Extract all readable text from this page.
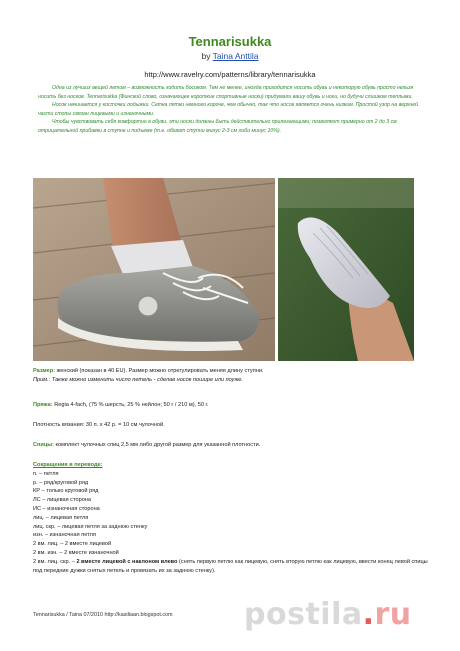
Tennarisukka
by Taina Anttila
http://www.ravelry.com/patterns/library/tennarisukka

Одна из лучших вещей летом – возможность ходить босиком. Тем не менее, иногда приходится носить обувь и некоторую обувь просто нельзя носить без носков. Tennarisukka (Финский слово, означающее короткие спортивные носки) придумали вашу обувь и ноги, но будучи слишком теплыми.

Носок начинается у косточки лодыжки. Сетка пятки немного короче, чем обычно, так что носок является очень низким. Простой узор на верхней части стопы связан лицевыми и изнаночными.

Чтобы чувствовать себя комфортно в обуви, эти носки должны быть действительно прилегающими; позволяют примерно от 2 до 3 см отрицательной прибавки в ступне и подъеме (т.е. обхват ступни минус 2-3 см либо минус 10%).

Размер: женский (показан в 40 EU). Размер можно отрегулировать меняя длину ступни.
Прим.: Также можно изменить число петель - сделав носок пошире или поуже.
Пряжа: Regia 4-fach, (75 % шерсть, 25 % нейлон; 50 г / 210 м), 50 г.
Плотность вязания: 30 п. x 42 р. = 10 см чулочной.
Спицы: комплект чулочных спиц 2,5 мм либо другой размер для указанной плотности.
Сокращения в переводе:
п. – петля
р. – ряд/круговой ряд
КР – только круговой ряд
ЛС – лицевая сторона
ИС – изнаночная сторона
лиц. – лицевая петля
лиц. скр. – лицевая петля за заднюю стенку
изн. – изнаночная петля
2 вм. лиц. – 2 вместе лицевой
2 вм. изн. – 2 вместе изнаночной
2 вм. лиц. скр. – 2 вместе лицевой с наклоном влево (снять первую петлю как лицевую, снять вторую петлю как лицевую, ввести конец левой спицы под передние дужки снятых петель и провязать их за заднюю стенку).
Tennarisukka / Taina 07/2010 http://kasiliaan.blogspot.com postila.ru
